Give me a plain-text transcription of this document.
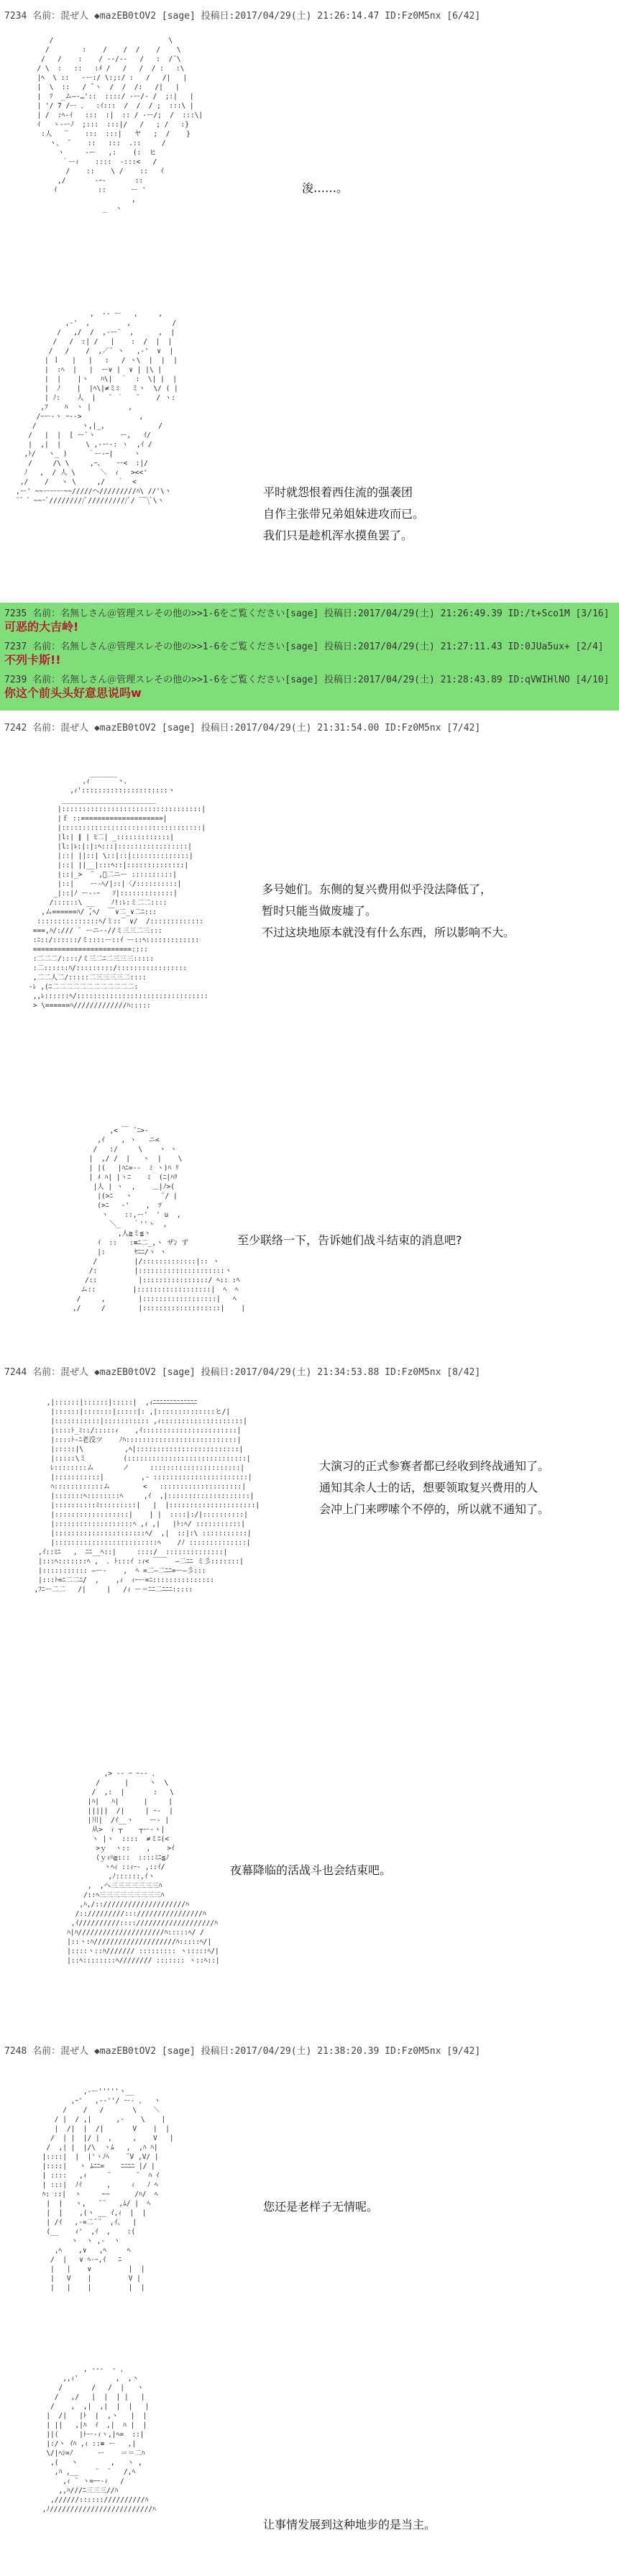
7234 名前：混ぜ人 ◆mazEB0tOV2 [sage] 投稿日:2017/04/29(土) 21:26:14.47 ID:Fz0M5nx [6/42]
/                            \
/        :    /    /  /    /    \
/   /    :    / -‐/‐-   /   :  /¨\
/ \  :   ::   :ﾒ /   /   /  / :   :\
|ﾍ  \ ::   -ー:/ \:;:/ :   /   /|   |
|  \  ::   / ̄ ヽ  /  /  /:   /|   |
|  ﾌ  _ム―-…'::  ::::/ -ー/‐ /  ;:|   |
| '/ 7 /ー 、  :ｲ:::  /  /  / ;  :::\ |
| /  :ﾍ-ｲ   :::  :|  :: / -ー/;  /  :::\|
ｲ   ヽ-ーﾉ  ;:::  :::|/   /   ; /   :}
:人   ¨    :::  :::|   ヤ   ;  /    }
ヽ、 ¨    ::   :::  .::     /
ヽ     -ー   ,:    (:  ヒ
｀ーｨ    ::::  -:::<   /
/    ::    \ /    ::   ｲ
,/       -ｰ-       ::
ｲ          ::      ー '
,
_  ヽ
浚……。
,  ‐- ー   ,     ,
,-'  ,         ,          /
/   ,/  /  ,-ー¨  ,      ,  |
/   /  :| /   |    :  /  |  |
/   /    /  ,／¨ ヽ   ,-'  ∨  |
| ｌ   |   |   :   / ヽ\  |  |  |
|  :ﾍ  |   |  ー∨ |  ∨ | |\ |
|  |    |ヽ   ﾊ\|  ｀  :  \| |  |
|  ﾉ    |  |ﾍ\|≠ミﾐ   ミヽ  \/ ( |
| ﾉ:    人  |   ¨ ｀   ¨    / ヽ:
,ﾌ    ﾊ  ヽ |         ,
/ｰー-ヽ ｰ-->              ,
/           ヽ,|_,             /
/   |  |  [ ー`ヽ      ー,   ｲ/
|  ,|  |      \ ,-ー-: ヽ  ,ｲ /
,ﾄ/   ヽ_ )     ｀ー-ｰ|     ヽ
/     /\ \     ,ｰ、   ー<  :|/
ﾉ   ,  / 人 \      ＼  ｨ   ><<'
,/    /   ヽ \     ,/   ｀  <
,ー' ~~ーーー~~/////ヘ/////////ﾊ\ //'\ヽ
¨゛゛~~~ﾞ/////////ﾞ//////////ﾞ/ ‾‾\ﾞ\ヽ
平时就怨恨着西住流的强袭团
自作主张带兄弟姐妹进攻而已。
我们只是趁机浑水摸鱼罢了。
7235 名前：名無しさん＠管理スレその他の>>1-6をご覧ください[sage] 投稿日:2017/04/29(土) 21:26:49.39 ID:/t+Sco1M [3/16]
可恶的大吉岭!
7237 名前：名無しさん＠管理スレその他の>>1-6をご覧ください[sage] 投稿日:2017/04/29(土) 21:27:11.43 ID:0JUa5ux+ [2/4]
不列卡斯!!
7239 名前：名無しさん＠管理スレその他の>>1-6をご覧ください[sage] 投稿日:2017/04/29(土) 21:28:43.89 ID:qVWIHlNO [4/10]
你这个前头头好意思说吗w
7242 名前：混ぜ人 ◆mazEB0tOV2 [sage] 投稿日:2017/04/29(土) 21:31:54.00 ID:Fz0M5nx [7/42]
,ｨ￣￣￣￣ヽ、
,ｨ':::::::::::::::::::::ヽ
_______________________
|::::::::::::::::::::::::::::::::::|
|ｆ ::====================|
|::::::::::::::::::::::::::::::::::|
|l:| ∥ | ﾋ二| _:::::::::::::|
|l:|ﾚ:|:|:ﾍ:::|:::::::::::::::::|
|::| ||::| \::|::|::::::::::::::|
|::| ||__|:::ﾍ::|::::::::::::::|
|::|_>  ¨ ,ﾞ二ニー ::::::::::|
|::|    ー-ﾍ/|::|〈/::::::::::|
_|::|ﾉ ー--ｰ   ｿ|:::::::::::::|
/::::::\ __    ﾉ!:ﾚ:ミ二二::::
,ム======ﾊ/ ̄,ﾍ/  ￣∨二_∨二ﾆ:::
:::::::::::::::ﾍ/ミ::‾ ∨/  /:::::::::::::
===,ﾊ/:/// ¨ ーニ-‐//ミ三三二三:::
:ﾆ::/::::::/ミ::::ー::ｲ ー::ﾍ:::::::::::::
========================::::
:二二二/::::/ミ三二ﾆ二三三三:::::
:二::::::ﾊ/:::::::::/:::::::::::::::::
,二二人二/:::::二三三三三二::::
-ﾚ ,(ﾆ二二二二二二二二二二二二:
,,ﾚ::::::ﾍ/::::::::::::::::::::::::::::::::
> \======ﾊ/////////////ﾊ:::::
多号她们。东侧的复兴费用似乎没法降低了，
暂时只能当做废墟了。
不过这块地原本就没有什么东西，所以影响不大。
,< ￣ ¨ﾆ>-
,ｲ    , ヽ   ニ<
/   :/     \    ヽ ヽ
|  ,/ /  |   ヽ  |    \
| |(   |ﾊﾆ=--  ﾐ ヽ)ﾊ ﾘ
| ﾒ ﾊ| |ヽﾆ    ﾐ  (ﾆ|ﾊﾘ
|人 | ヽ  ,    ＿|ﾉ>(
|(>ﾆ   ヽ       ¨/ |
(>ﾆ   ‐'    ,  ﾂ
ヽ    ::,ー'  ' u  ,
＼_   ｀''ヽ  ,
,人≧ミ≦ヽ
ｲ  ::   :≡ﾆ二_,ヽ ザﾝ ず
|:       ﾔﾆﾆ/ヽ ヽ
/         |/:::::::::::::|:: ヽ
/:         |:::::::::::::::::::::ヽ
/::          |::::::::::::::::/ ﾍ:: :ﾍ
ム::         |::::::::::::::::::|  ﾍ  ﾍ
/     ,        |::::::::::::::::::|   ﾍ
,/     /        |:::::::::::::::::::|    |
至少联络一下，告诉她们战斗结束的消息吧?
7244 名前：混ぜ人 ◆mazEB0tOV2 [sage] 投稿日:2017/04/29(土) 21:34:53.88 ID:Fz0M5nx [8/42]
,|::::::|::::::|:::::|  ,ｨﾆﾆﾆﾆﾆﾆﾆﾆﾆﾆﾆﾆﾆ
|::::::|:::::::|:::::|: ,|::::::::::::::ヒ/|
|:::::::::::|::::::::::: ,ｨ::::::::::::::::::::|
|::::ﾄ_ﾐ::/:::::ｨ    ,ｲ:::::::::::::::::::::::|
|::::ﾄ-ﾆ老没ツ    ﾉﾊ:::::::::::::::::::::::::::|
|:::::|\          ,ﾍ|:::::::::::::::::::::::::|
|:::::\ミ         (:::::::::::::::::::::::::::::|
ﾚ::::::::ム       ノ     ::::::::::::::::::::::|
|:::::::::::|         ,- :::::::::::::::::::::::|
ﾊ::::::::::::ム        <   ::::::::::::::::::::|
|:::::::ﾍ::::::::ﾍ     ,ｲ  ,|::::::::::::::::::::|
|::::::::::ﾐ:::::::::|   |  |:::::::::::::::::::::|
|::::::::::::::::::|    | |  ::::|:/|::::::::::|
|:::::::::::::::::::ﾍ ,ｨ ,|   |ﾄ:ﾍ/ :::::::::::|
|::::::::::::::::::::::ﾍ/  ,|  ::|:\ :::::::::::|
|:::::::::::::::::::::::::ﾍ    /ﾉ ::::::::::::::|
,ｲ::ﾐﾆ   ,  ﾆﾆ__ﾍ::|     ::::/  ::::::::::::::|
|:::ﾍ:::::::ﾍ ,  ､ ﾄ:::ｲ :ｨ< ￣￣  ―二ﾆﾆ ミ彡:::::::|
|::::::::::: ―ー-    ,  ﾍ =二―二ﾆﾆ=ー―彡:::
|:::ﾄ=ﾆ二二ﾆ/  ,    ,ｨ  ｨｰー=ﾆ:::::::::::::::
,ﾌﾆー二二   /|     |   /ｨ ー＝ﾆﾆ二ﾆﾆﾆ:::::
大演习的正式参赛者都已经收到终战通知了。
通知其余人士的话，想要领取复兴费用的人
会冲上门来啰嗦个不停的，所以就不通知了。
,> -- ｰ ｰ-- 、
/      |     ヽ  \
/  ,:  |       :   \
|ﾊ|   ﾊ|      |     |
|||||  /|     | ｰ-  |
|川|  /ｲ__ヽ    ー- |
从>  ｨ ┬    ┬ー-ヽ|
ヽ |ヽ  ::::  ≠ミﾆ(<
>ｙ  ヽ::    ,    >ｲ
(ｙｨﾊ≧:::  ::::ﾐﾆ≦ﾉ
ヽﾍｨ ::ｨｰ- ,::ｲ/
,ﾉ::::::,ｲヽ
,  ,ヘ三三三三三三三ﾊ
/::ﾍ三三三三三三三三三ﾊ
,ﾊ,/::////////////////////ﾊ
/:://///////:::////////////////ﾊ
,ｲ//////////::::///////////////////ﾊ
ﾊ|ﾊ/////////////////////ﾊ:::::ﾍ/ /
|::ヽ:ﾊ////////////////////ﾊ:::::ﾍ/|
|::::ヽ::ﾊ/////// ::::::::: ヽ:::::ﾍ/|
|::ﾍ::::::::ﾍ//////// ::::::: ヽ::ﾍ::|
夜幕降临的活战斗也会结束吧。
7248 名前：混ぜ人 ◆mazEB0tOV2 [sage] 投稿日:2017/04/29(土) 21:38:20.39 ID:Fz0M5nx [9/42]
,-ー'''''ヽ__
,ｰ'   ,--''/ ー- 、  ヽ
/    /   /       \    ＼
/ |  / ,|      ,-    \    |
|  /|  |  /|       V    |  |
/  | |  |/ |  ,     ,    V   |
/  ,| |  |/\  ヽﾑ   ,  ,ﾊ ﾊ|
|::::|  |  |'ヽﾉﾍ    ¨V ,V/ |
|::::|   ヽ ﾑﾆﾆ=    ﾆﾆﾆﾆ |/ |
| ::::   ,ｨ     ¨      ¨  ﾊ ｲ
| :::|  ﾉｲ      ,     ｨ   ﾉ ﾍ
ﾊ: ::|  ヽ     ~~      /ﾊ/  ﾍ
|  |   ヽ,   ¨¨   ,ﾑ/ |  ﾍ
|  |    ,(ヽ __ ｲ,ｨ  |  |
| /ｲ   ,-=二¨¨  ,ｲ、  |
(__    ｨ'  ,ｲ  ,    :(
ヽ  ヽ ,-  ヽ
,ﾍ    ,∨   ,ﾍ     ﾍ
/  |   ∨ ﾍ-ｰ,ｲ   ﾆ
|   |    ∨         |  |
|   V    |         V |
|   |    |         |  |
您还是老样子无情呢。
, ---  - 、
,,ｨ'         ,  ,ヽ
/       /   /  |   ヽ
/   ,/   |  |  | |   |
/    ,  ,|  ,|  |  |   |
|  /|   |ﾄ  |  ,ヽ   |  |
| ||   ,|ﾊ  ｲ  ,|  ﾊ |  |
||(     |ﾄー-ｨヽ,|ﾍ=  ::|
|:/ヽ ｲﾊ ,ｨ ::≡ ー   ,|
\/|ﾍｼ=ﾉ      ー    ＝＝二ﾊ
,(   ヽ        ,   ヽ ,
,ﾊ ,__    ¨  ¨   /,ﾍ
,ｨ ¨ ヽ=ｰｰ-ｨ   /
,,ﾊ///ﾆ三三三//ﾊ
,//////:::::://////////ﾊ
,ﾉ/////////////////////////ﾊ
让事情发展到这种地步的是当主。
